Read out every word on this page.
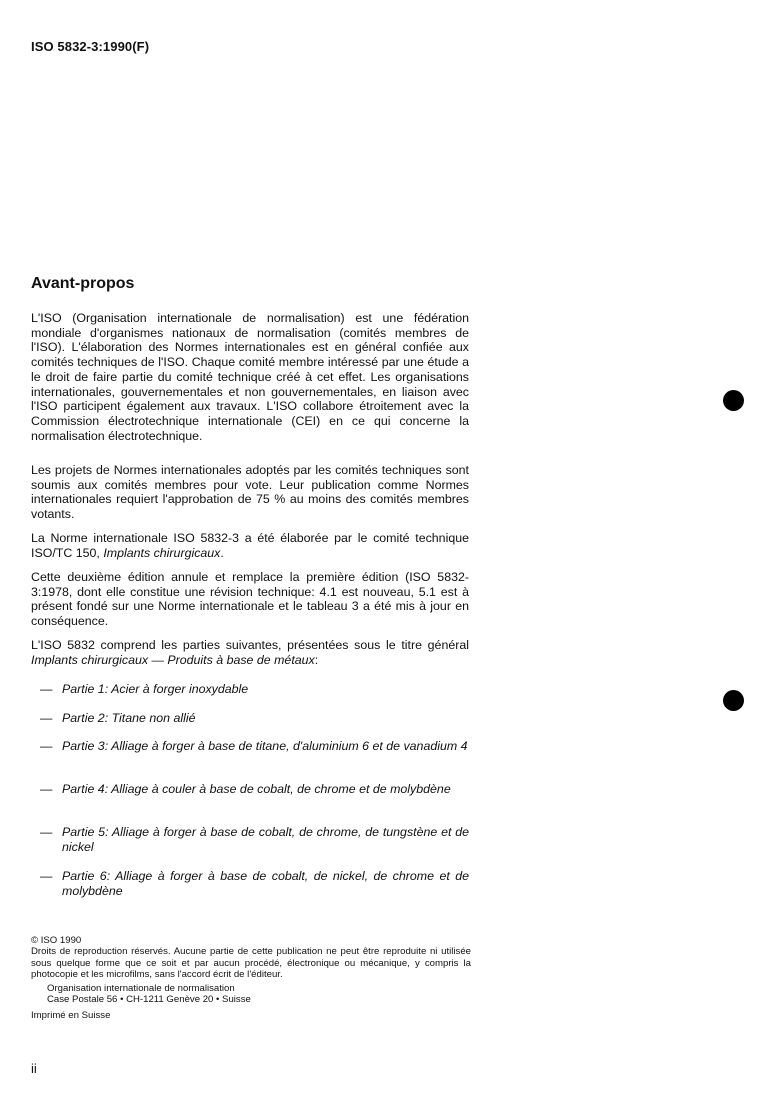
ISO 5832-3:1990(F)
Avant-propos

L'ISO (Organisation internationale de normalisation) est une fédération mondiale d'organismes nationaux de normalisation (comités membres de l'ISO). L'élaboration des Normes internationales est en général confiée aux comités techniques de l'ISO. Chaque comité membre intéressé par une étude a le droit de faire partie du comité technique créé à cet effet. Les organisations internationales, gouvernementales et non gouvernementales, en liaison avec l'ISO participent également aux travaux. L'ISO collabore étroitement avec la Commission électrotechnique internationale (CEI) en ce qui concerne la normalisation électrotechnique.

Les projets de Normes internationales adoptés par les comités techniques sont soumis aux comités membres pour vote. Leur publication comme Normes internationales requiert l'approbation de 75 % au moins des comités membres votants.

La Norme internationale ISO 5832-3 a été élaborée par le comité technique ISO/TC 150, Implants chirurgicaux.

Cette deuxième édition annule et remplace la première édition (ISO 5832-3:1978, dont elle constitue une révision technique: 4.1 est nouveau, 5.1 est à présent fondé sur une Norme internationale et le tableau 3 a été mis à jour en conséquence.

L'ISO 5832 comprend les parties suivantes, présentées sous le titre général Implants chirurgicaux — Produits à base de métaux:

— Partie 1: Acier à forger inoxydable
— Partie 2: Titane non allié
— Partie 3: Alliage à forger à base de titane, d'aluminium 6 et de vanadium 4
— Partie 4: Alliage à couler à base de cobalt, de chrome et de molybdène
— Partie 5: Alliage à forger à base de cobalt, de chrome, de tungstène et de nickel
— Partie 6: Alliage à forger à base de cobalt, de nickel, de chrome et de molybdène

© ISO 1990

Droits de reproduction réservés. Aucune partie de cette publication ne peut être reproduite ni utilisée sous quelque forme que ce soit et par aucun procédé, électronique ou mécanique, y compris la photocopie et les microfilms, sans l'accord écrit de l'éditeur.

Organisation internationale de normalisation
Case Postale 56 • CH-1211 Genève 20 • Suisse
Imprimé en Suisse
ii
